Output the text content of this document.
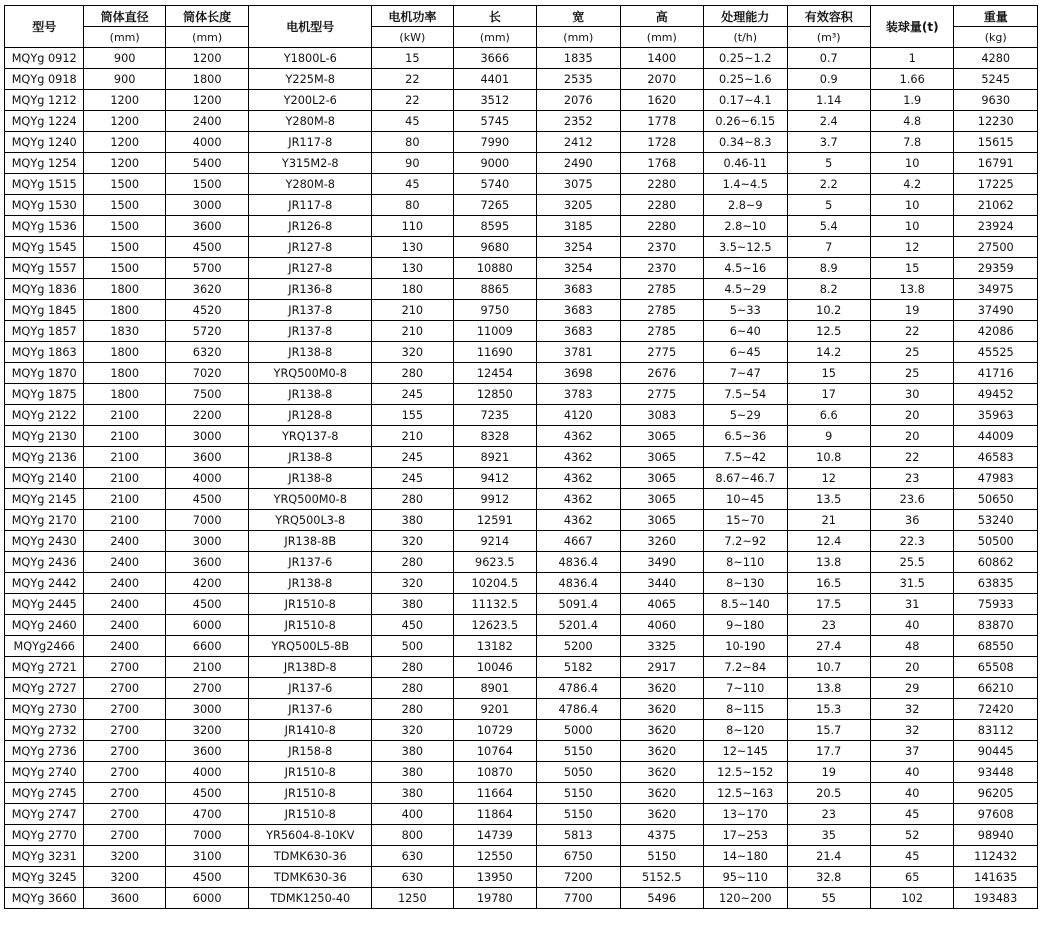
型号	筒体直径	筒体长度	电机型号	电机功率	长	宽	高	处理能力	有效容积	装球量(t)	重量
	(mm)	(mm)		(kW)	(mm)	(mm)	(mm)	(t/h)	(m³)		(kg)
MQYg 0912	900	1200	Y1800L-6	15	3666	1835	1400	0.25~1.2	0.7	1	4280
MQYg 0918	900	1800	Y225M-8	22	4401	2535	2070	0.25~1.6	0.9	1.66	5245
MQYg 1212	1200	1200	Y200L2-6	22	3512	2076	1620	0.17~4.1	1.14	1.9	9630
MQYg 1224	1200	2400	Y280M-8	45	5745	2352	1778	0.26~6.15	2.4	4.8	12230
MQYg 1240	1200	4000	JR117-8	80	7990	2412	1728	0.34~8.3	3.7	7.8	15615
MQYg 1254	1200	5400	Y315M2-8	90	9000	2490	1768	0.46-11	5	10	16791
MQYg 1515	1500	1500	Y280M-8	45	5740	3075	2280	1.4~4.5	2.2	4.2	17225
MQYg 1530	1500	3000	JR117-8	80	7265	3205	2280	2.8~9	5	10	21062
MQYg 1536	1500	3600	JR126-8	110	8595	3185	2280	2.8~10	5.4	10	23924
MQYg 1545	1500	4500	JR127-8	130	9680	3254	2370	3.5~12.5	7	12	27500
MQYg 1557	1500	5700	JR127-8	130	10880	3254	2370	4.5~16	8.9	15	29359
MQYg 1836	1800	3620	JR136-8	180	8865	3683	2785	4.5~29	8.2	13.8	34975
MQYg 1845	1800	4520	JR137-8	210	9750	3683	2785	5~33	10.2	19	37490
MQYg 1857	1830	5720	JR137-8	210	11009	3683	2785	6~40	12.5	22	42086
MQYg 1863	1800	6320	JR138-8	320	11690	3781	2775	6~45	14.2	25	45525
MQYg 1870	1800	7020	YRQ500M0-8	280	12454	3698	2676	7~47	15	25	41716
MQYg 1875	1800	7500	JR138-8	245	12850	3783	2775	7.5~54	17	30	49452
MQYg 2122	2100	2200	JR128-8	155	7235	4120	3083	5~29	6.6	20	35963
MQYg 2130	2100	3000	YRQ137-8	210	8328	4362	3065	6.5~36	9	20	44009
MQYg 2136	2100	3600	JR138-8	245	8921	4362	3065	7.5~42	10.8	22	46583
MQYg 2140	2100	4000	JR138-8	245	9412	4362	3065	8.67~46.7	12	23	47983
MQYg 2145	2100	4500	YRQ500M0-8	280	9912	4362	3065	10~45	13.5	23.6	50650
MQYg 2170	2100	7000	YRQ500L3-8	380	12591	4362	3065	15~70	21	36	53240
MQYg 2430	2400	3000	JR138-8B	320	9214	4667	3260	7.2~92	12.4	22.3	50500
MQYg 2436	2400	3600	JR137-6	280	9623.5	4836.4	3490	8~110	13.8	25.5	60862
MQYg 2442	2400	4200	JR138-8	320	10204.5	4836.4	3440	8~130	16.5	31.5	63835
MQYg 2445	2400	4500	JR1510-8	380	11132.5	5091.4	4065	8.5~140	17.5	31	75933
MQYg 2460	2400	6000	JR1510-8	450	12623.5	5201.4	4060	9~180	23	40	83870
MQYg2466	2400	6600	YRQ500L5-8B	500	13182	5200	3325	10-190	27.4	48	68550
MQYg 2721	2700	2100	JR138D-8	280	10046	5182	2917	7.2~84	10.7	20	65508
MQYg 2727	2700	2700	JR137-6	280	8901	4786.4	3620	7~110	13.8	29	66210
MQYg 2730	2700	3000	JR137-6	280	9201	4786.4	3620	8~115	15.3	32	72420
MQYg 2732	2700	3200	JR1410-8	320	10729	5000	3620	8~120	15.7	32	83112
MQYg 2736	2700	3600	JR158-8	380	10764	5150	3620	12~145	17.7	37	90445
MQYg 2740	2700	4000	JR1510-8	380	10870	5050	3620	12.5~152	19	40	93448
MQYg 2745	2700	4500	JR1510-8	380	11664	5150	3620	12.5~163	20.5	40	96205
MQYg 2747	2700	4700	JR1510-8	400	11864	5150	3620	13~170	23	45	97608
MQYg 2770	2700	7000	YR5604-8-10KV	800	14739	5813	4375	17~253	35	52	98940
MQYg 3231	3200	3100	TDMK630-36	630	12550	6750	5150	14~180	21.4	45	112432
MQYg 3245	3200	4500	TDMK630-36	630	13950	7200	5152.5	95~110	32.8	65	141635
MQYg 3660	3600	6000	TDMK1250-40	1250	19780	7700	5496	120~200	55	102	193483
